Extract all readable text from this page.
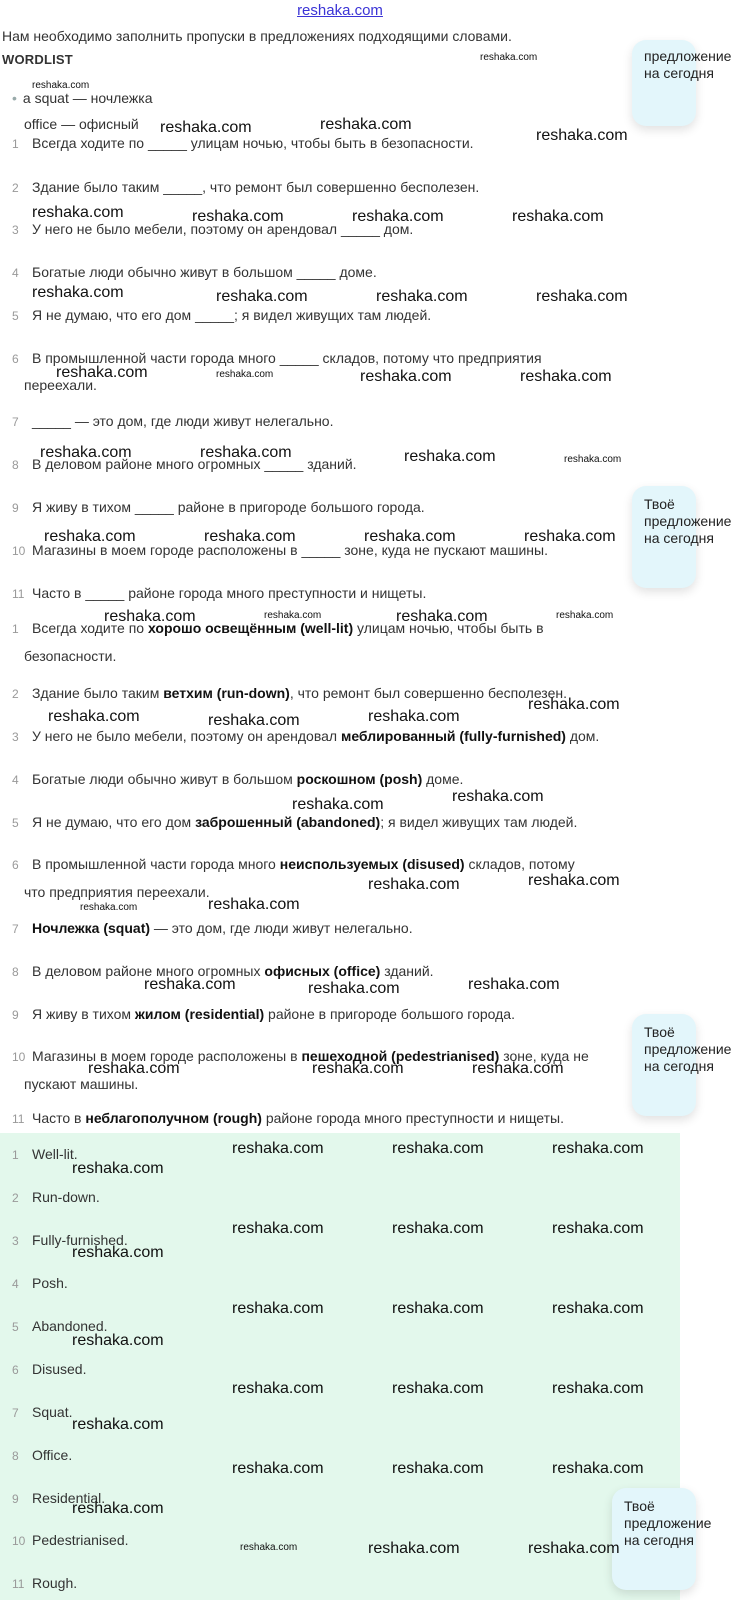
reshaka.com
Нам необходимо заполнить пропуски в предложениях подходящими словами.
WORDLIST
• a squat — ночлежка
office — офисный
1 Всегда ходите по _____ улицам ночью, чтобы быть в безопасности.
2 Здание было таким _____, что ремонт был совершенно бесполезен.
3 У него не было мебели, поэтому он арендовал _____ дом.
4 Богатые люди обычно живут в большом _____ доме.
5 Я не думаю, что его дом _____; я видел живущих там людей.
6 В промышленной части города много _____ складов, потому что предприятия
переехали.
7 _____ — это дом, где люди живут нелегально.
8 В деловом районе много огромных _____ зданий.
9 Я живу в тихом _____ районе в пригороде большого города.
10 Магазины в моем городе расположены в _____ зоне, куда не пускают машины.
11 Часто в _____ районе города много преступности и нищеты.
1 Всегда ходите по хорошо освещённым (well-lit) улицам ночью, чтобы быть в
безопасности.
2 Здание было таким ветхим (run-down), что ремонт был совершенно бесполезен.
3 У него не было мебели, поэтому он арендовал меблированный (fully-furnished) дом.
4 Богатые люди обычно живут в большом роскошном (posh) доме.
5 Я не думаю, что его дом заброшенный (abandoned); я видел живущих там людей.
6 В промышленной части города много неиспользуемых (disused) складов, потому
что предприятия переехали.
7 Ночлежка (squat) — это дом, где люди живут нелегально.
8 В деловом районе много огромных офисных (office) зданий.
9 Я живу в тихом жилом (residential) районе в пригороде большого города.
10 Магазины в моем городе расположены в пешеходной (pedestrianised) зоне, куда не
пускают машины.
11 Часто в неблагополучном (rough) районе города много преступности и нищеты.
1 Well-lit.
2 Run-down.
3 Fully-furnished.
4 Posh.
5 Abandoned.
6 Disused.
7 Squat.
8 Office.
9 Residential.
10 Pedestrianised.
11 Rough.
предложение
на сегодня
Твоё
предложение
на сегодня
Твоё
предложение
на сегодня
Твоё
предложение
на сегодня
reshaka.com
reshaka.com
reshaka.com	reshaka.com
reshaka.com
reshaka.com	reshaka.com	reshaka.com	reshaka.com
reshaka.com	reshaka.com	reshaka.com	reshaka.com
reshaka.com	reshaka.com	reshaka.com	reshaka.com
reshaka.com	reshaka.com	reshaka.com	reshaka.com
reshaka.com	reshaka.com	reshaka.com	reshaka.com
reshaka.com	reshaka.com	reshaka.com	reshaka.com
reshaka.com
reshaka.com	reshaka.com	reshaka.com
reshaka.com
reshaka.com
reshaka.com
reshaka.com
reshaka.com
reshaka.com
reshaka.com	reshaka.com	reshaka.com
reshaka.com	reshaka.com	reshaka.com
reshaka.com	reshaka.com	reshaka.com
reshaka.com
reshaka.com	reshaka.com	reshaka.com
reshaka.com
reshaka.com	reshaka.com	reshaka.com
reshaka.com
reshaka.com	reshaka.com	reshaka.com
reshaka.com
reshaka.com	reshaka.com	reshaka.com
reshaka.com
reshaka.com	reshaka.com	reshaka.com
